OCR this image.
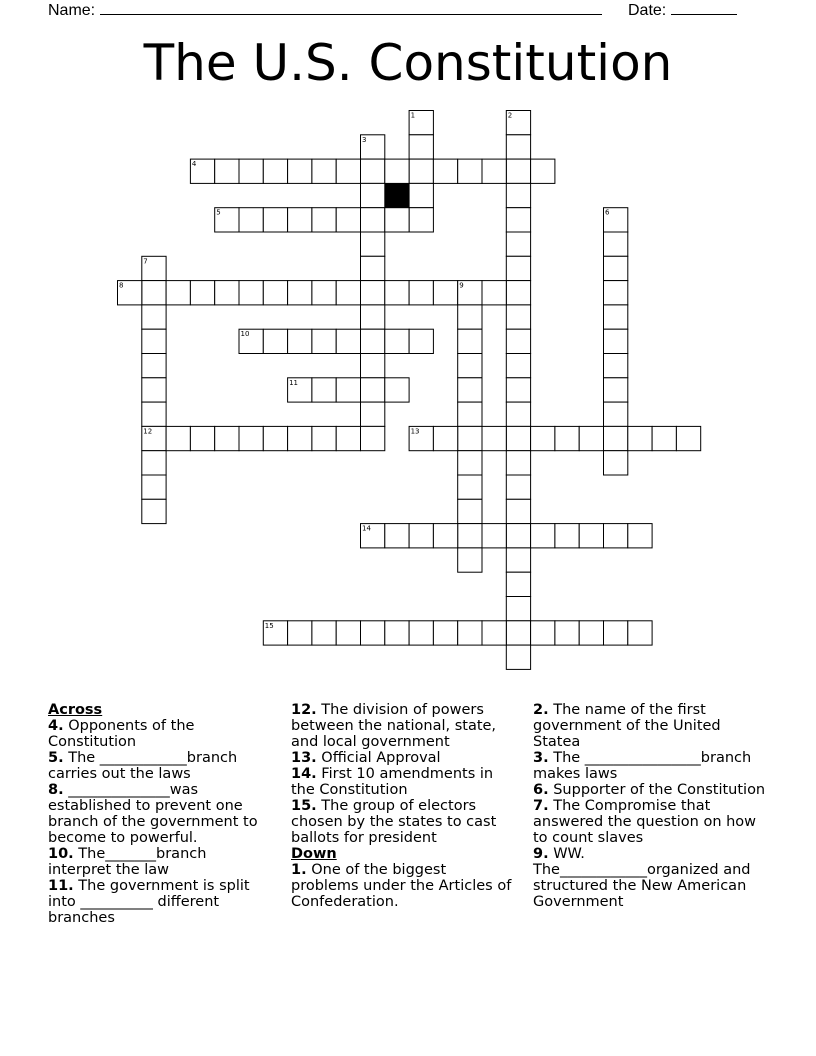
Name:	Date:
The U.S. Constitution
1	2
3
4
5	6
7
8	9
10
11
12	13
14
15
Across
4. Opponents of the Constitution
5. The ____________branch carries out the laws
8. ______________was established to prevent one branch of the government to become to powerful.
10. The_______branch interpret the law
11. The government is split into __________ different branches
12. The division of powers between the national, state, and local government
13. Official Approval
14. First 10 amendments in the Constitution
15. The group of electors chosen by the states to cast ballots for president
Down
1. One of the biggest problems under the Articles of Confederation.
2. The name of the first government of the United Statea
3. The ________________branch makes laws
6. Supporter of the Constitution
7. The Compromise that answered the question on how to count slaves
9. WW. The____________organized and structured the New American Government
